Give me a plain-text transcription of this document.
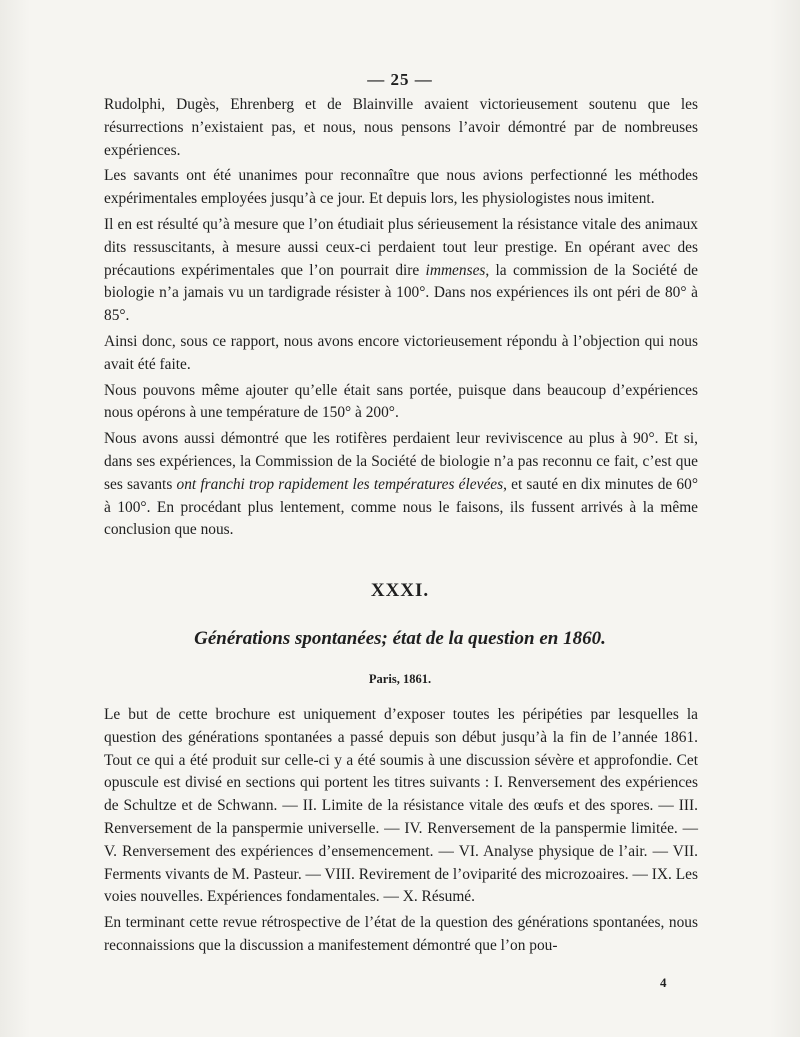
— 25 —

Rudolphi, Dugès, Ehrenberg et de Blainville avaient victorieusement soutenu que les résurrections n’existaient pas, et nous, nous pensons l’avoir démontré par de nombreuses expériences.

Les savants ont été unanimes pour reconnaître que nous avions perfectionné les méthodes expérimentales employées jusqu’à ce jour. Et depuis lors, les physiologistes nous imitent.

Il en est résulté qu’à mesure que l’on étudiait plus sérieusement la résistance vitale des animaux dits ressuscitants, à mesure aussi ceux-ci perdaient tout leur prestige. En opérant avec des précautions expérimentales que l’on pourrait dire immenses, la commission de la Société de biologie n’a jamais vu un tardigrade résister à 100°. Dans nos expériences ils ont péri de 80° à 85°.

Ainsi donc, sous ce rapport, nous avons encore victorieusement répondu à l’objection qui nous avait été faite.

Nous pouvons même ajouter qu’elle était sans portée, puisque dans beaucoup d’expériences nous opérons à une température de 150° à 200°.

Nous avons aussi démontré que les rotifères perdaient leur reviviscence au plus à 90°. Et si, dans ses expériences, la Commission de la Société de biologie n’a pas reconnu ce fait, c’est que ses savants ont franchi trop rapidement les températures élevées, et sauté en dix minutes de 60° à 100°. En procédant plus lentement, comme nous le faisons, ils fussent arrivés à la même conclusion que nous.

XXXI.
Générations spontanées; état de la question en 1860.
Paris, 1861.

Le but de cette brochure est uniquement d’exposer toutes les péripéties par lesquelles la question des générations spontanées a passé depuis son début jusqu’à la fin de l’année 1861. Tout ce qui a été produit sur celle-ci y a été soumis à une discussion sévère et approfondie. Cet opuscule est divisé en sections qui portent les titres suivants : I. Renversement des expériences de Schultze et de Schwann. — II. Limite de la résistance vitale des œufs et des spores. — III. Renversement de la panspermie universelle. — IV. Renversement de la panspermie limitée. — V. Renversement des expériences d’ensemencement. — VI. Analyse physique de l’air. — VII. Ferments vivants de M. Pasteur. — VIII. Revirement de l’oviparité des microzoaires. — IX. Les voies nouvelles. Expériences fondamentales. — X. Résumé.

En terminant cette revue rétrospective de l’état de la question des générations spontanées, nous reconnaissions que la discussion a manifestement démontré que l’on pou-

4
